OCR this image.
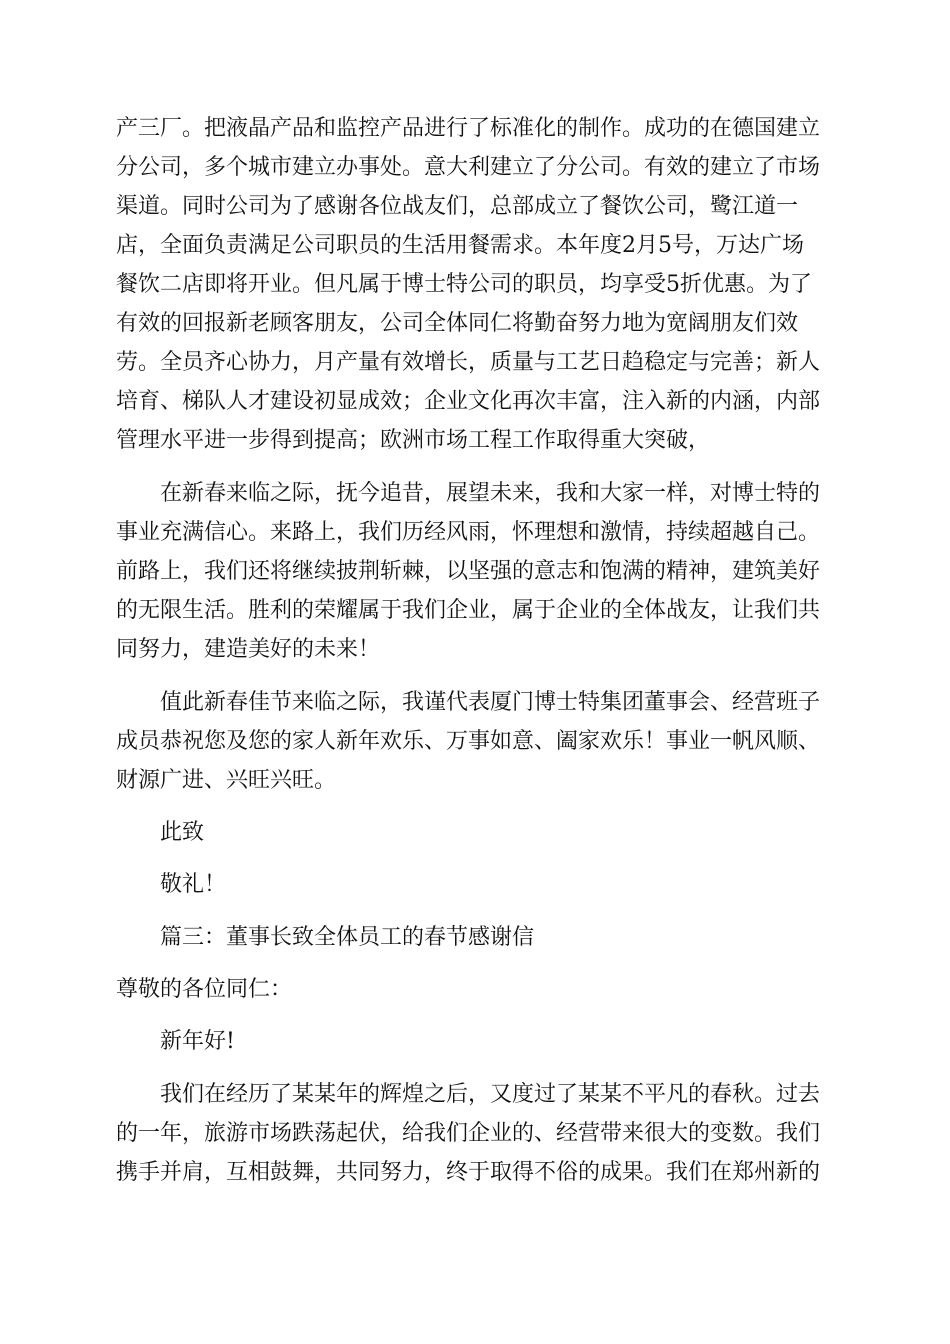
产三厂。把液晶产品和监控产品进行了标准化的制作。成功的在德国建立
分公司，多个城市建立办事处。意大利建立了分公司。有效的建立了市场
渠道。同时公司为了感谢各位战友们，总部成立了餐饮公司，鹭江道一
店，全面负责满足公司职员的生活用餐需求。本年度2月5号，万达广场
餐饮二店即将开业。但凡属于博士特公司的职员，均享受5折优惠。为了
有效的回报新老顾客朋友，公司全体同仁将勤奋努力地为宽阔朋友们效
劳。全员齐心协力，月产量有效增长，质量与工艺日趋稳定与完善；新人
培育、梯队人才建设初显成效；企业文化再次丰富，注入新的内涵，内部
管理水平进一步得到提高；欧洲市场工程工作取得重大突破，
在新春来临之际，抚今追昔，展望未来，我和大家一样，对博士特的
事业充满信心。来路上，我们历经风雨，怀理想和激情，持续超越自己。
前路上，我们还将继续披荆斩棘，以坚强的意志和饱满的精神，建筑美好
的无限生活。胜利的荣耀属于我们企业，属于企业的全体战友，让我们共
同努力，建造美好的未来！
值此新春佳节来临之际，我谨代表厦门博士特集团董事会、经营班子
成员恭祝您及您的家人新年欢乐、万事如意、阖家欢乐！事业一帆风顺、
财源广进、兴旺兴旺。
此致
敬礼！
篇三：董事长致全体员工的春节感谢信
尊敬的各位同仁：
新年好!
我们在经历了某某年的辉煌之后，又度过了某某不平凡的春秋。过去
的一年，旅游市场跌荡起伏，给我们企业的、经营带来很大的变数。我们
携手并肩，互相鼓舞，共同努力，终于取得不俗的成果。我们在郑州新的
